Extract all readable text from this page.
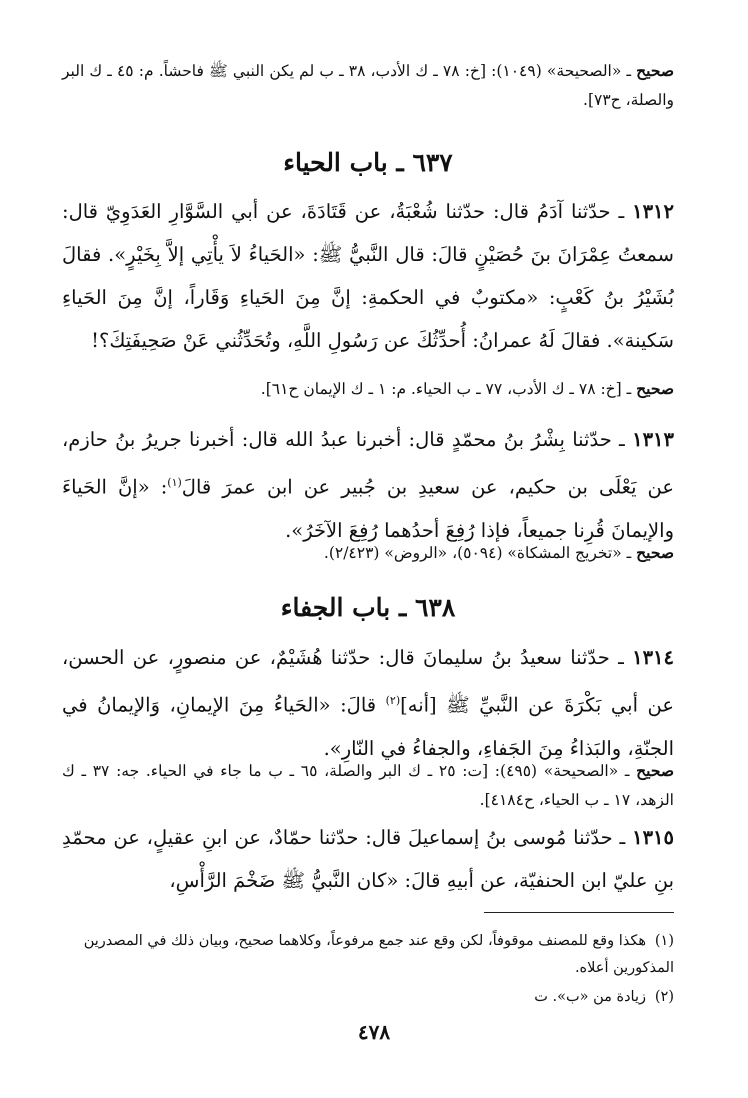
صحيح ـ «الصحيحة» (١٠٤٩): [خ: ٧٨ ـ ك الأدب، ٣٨ ـ ب لم يكن النبي ﷺ فاحشاً. م: ٤٥ ـ ك البر والصلة، ح٧٣].
٦٣٧ ـ باب الحياء
١٣١٢ ـ حدّثنا آدَمُ قال: حدّثنا شُعْبَةُ، عن قَتَادَةَ، عن أبي السَّوَّارِ العَدَوِيّ قال: سمعتُ عِمْرَانَ بنَ حُصَيْنٍ قالَ: قال النَّبيُّ ﷺ: «الحَياءُ لاَ يأْتِي إلاَّ بِخَيْرٍ». فقالَ بُشَيْرُ بنُ كَعْبٍ: «مكتوبٌ في الحكمةِ: إنَّ مِنَ الحَياءِ وَقَاراً، إنَّ مِنَ الحَياءِ سَكينة». فقالَ لَهُ عمرانُ: أُحدِّثُكَ عن رَسُولِ اللَّهِ، وتُحَدِّثُني عَنْ صَحِيفَتِكَ؟!
صحيح ـ [خ: ٧٨ ـ ك الأدب، ٧٧ ـ ب الحياء. م: ١ ـ ك الإيمان ح٦١].
١٣١٣ ـ حدّثنا بِشْرُ بنُ محمّدٍ قال: أخبرنا عبدُ الله قال: أخبرنا جريرُ بنُ حازم، عن يَعْلَى بن حكيم، عن سعيدِ بن جُبير عن ابن عمرَ قالَ$^{(١)}$: «إنَّ الحَياءَ والإيمانَ قُرِنا جميعاً، فإذا رُفِعَ أحدُهما رُفِعَ الآخَرُ».
صحيح ـ «تخريج المشكاة» (٥٠٩٤)، «الروض» (٢/٤٢٣).
٦٣٨ ـ باب الجفاء
١٣١٤ ـ حدّثنا سعيدُ بنُ سليمانَ قال: حدّثنا هُشَيْمٌ، عن منصورٍ، عن الحسن، عن أبي بَكْرَةَ عن النَّبيِّ ﷺ [أنه]$^{(٢)}$ قالَ: «الحَياءُ مِنَ الإيمانِ، وَالإيمانُ في الجنّةِ، والبَذاءُ مِنَ الجَفاءِ، والجفاءُ في النّارِ».
صحيح ـ «الصحيحة» (٤٩٥): [ت: ٢٥ ـ ك البر والصلة، ٦٥ ـ ب ما جاء في الحياء. جه: ٣٧ ـ ك الزهد، ١٧ ـ ب الحياء، ح٤١٨٤].
١٣١٥ ـ حدّثنا مُوسى بنُ إسماعيلَ قال: حدّثنا حمّادٌ، عن ابنِ عقيلٍ، عن محمّدِ بنِ عليّ ابن الحنفيّة، عن أبيهِ قالَ: «كان النَّبيُّ ﷺ ضَخْمَ الرَّأْسِ،
(١)هكذا وقع للمصنف موقوفاً، لكن وقع عند جمع مرفوعاً، وكلاهما صحيح، وبيان ذلك في المصدرين المذكورين أعلاه.
(٢)زيادة من «ب». ت
٤٧٨
